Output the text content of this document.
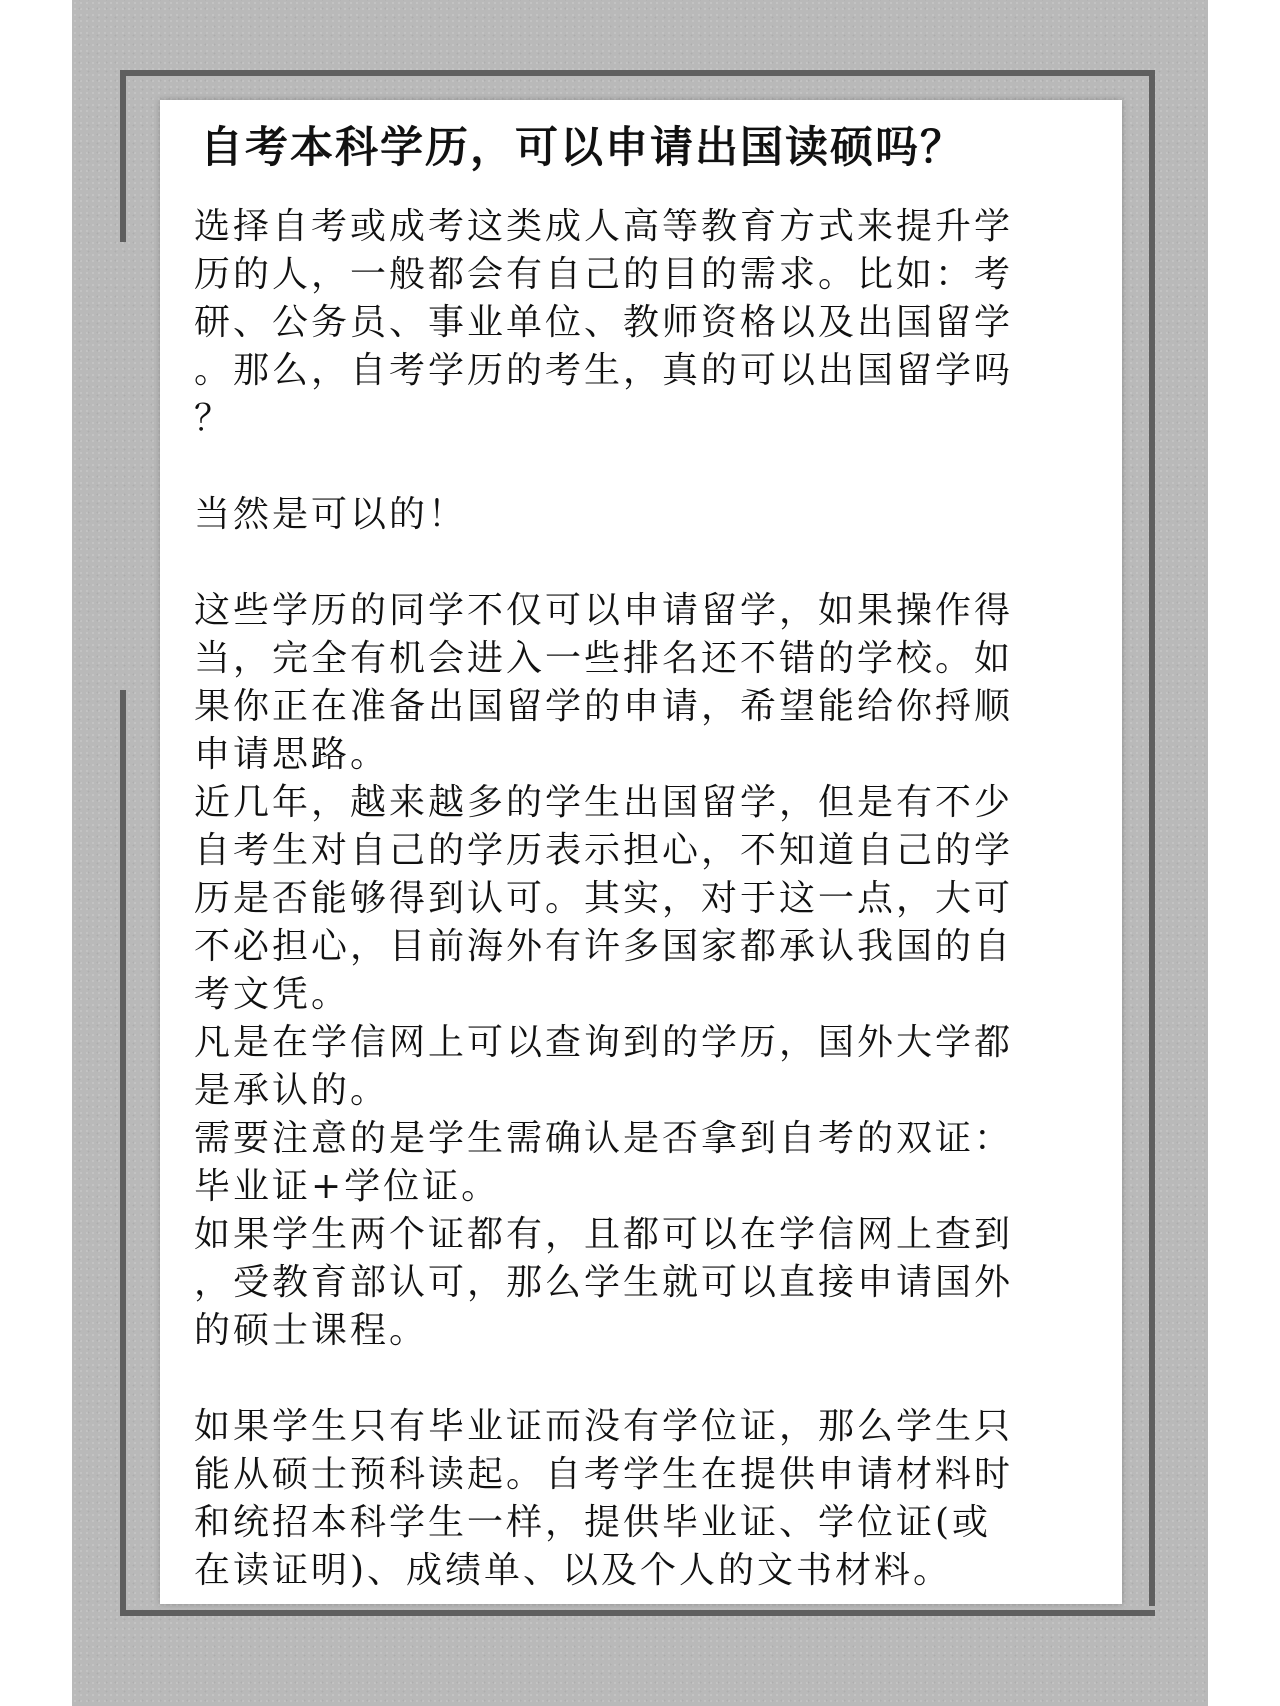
自考本科学历，可以申请出国读硕吗？
选择自考或成考这类成人高等教育方式来提升学
历的人，一般都会有自己的目的需求。比如：考
研、公务员、事业单位、教师资格以及出国留学
。那么，自考学历的考生，真的可以出国留学吗
？
当然是可以的！
这些学历的同学不仅可以申请留学，如果操作得
当，完全有机会进入一些排名还不错的学校。如
果你正在准备出国留学的申请，希望能给你捋顺
申请思路。
近几年，越来越多的学生出国留学，但是有不少
自考生对自己的学历表示担心，不知道自己的学
历是否能够得到认可。其实，对于这一点，大可
不必担心，目前海外有许多国家都承认我国的自
考文凭。
凡是在学信网上可以查询到的学历，国外大学都
是承认的。
需要注意的是学生需确认是否拿到自考的双证：
毕业证+学位证。
如果学生两个证都有，且都可以在学信网上查到
，受教育部认可，那么学生就可以直接申请国外
的硕士课程。
如果学生只有毕业证而没有学位证，那么学生只
能从硕士预科读起。自考学生在提供申请材料时
和统招本科学生一样，提供毕业证、学位证(或
在读证明)、成绩单、以及个人的文书材料。
